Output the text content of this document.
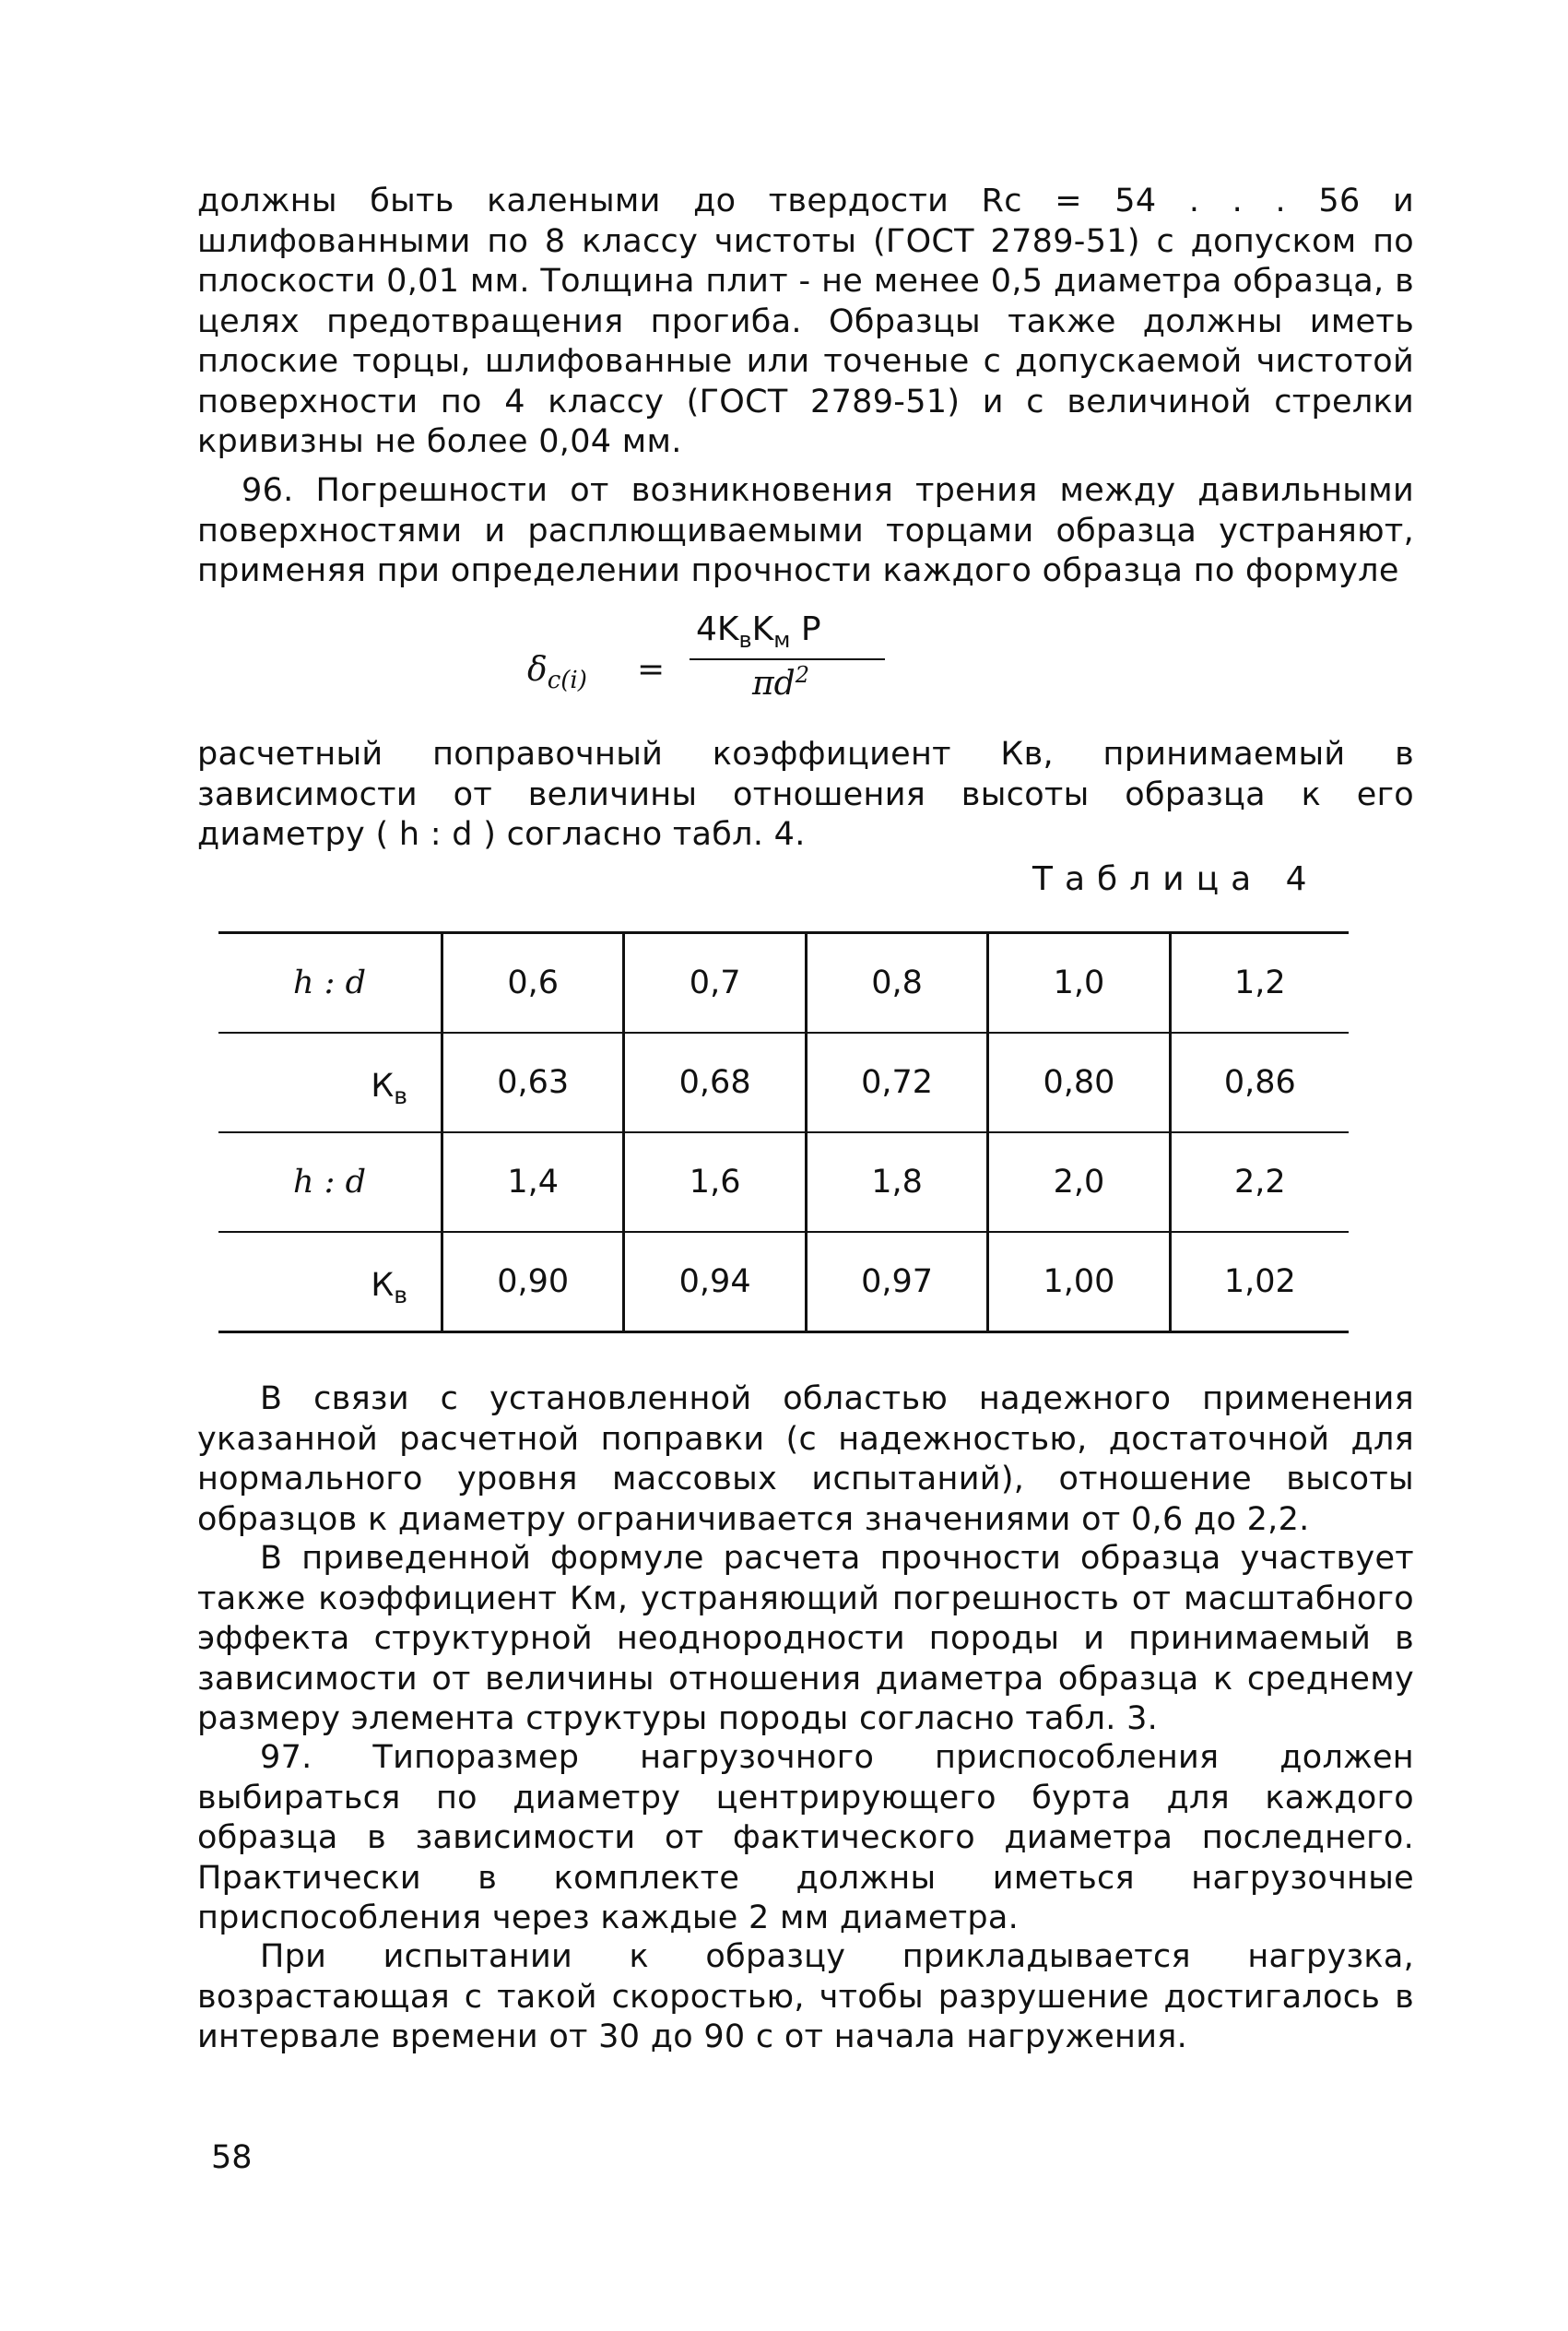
должны быть калеными до твердости Rc = 54 . . . 56 и шлифованными по 8 классу чистоты (ГОСТ 2789-51) с допуском по плоскости 0,01 мм. Толщина плит - не менее 0,5 диаметра образца, в целях предотвращения прогиба. Образцы также должны иметь плоские торцы, шлифованные или точеные с допускаемой чистотой поверхности по 4 классу (ГОСТ 2789-51) и с величиной стрелки кривизны не более 0,04 мм.

96. Погрешности от возникновения трения между давильными поверхностями и расплющиваемыми торцами образца устраняют, применяя при определении прочности каждого образца по формуле

$\delta_{c(i)}$ =
$4K_вK_м$ P
$\pi d^2$

расчетный поправочный коэффициент Кв, принимаемый в зависимости от величины отношения высоты образца к его диаметру ( h : d ) согласно табл. 4.

Таблица 4
h : d	0,6	0,7	0,8	1,0	1,2
$К_в$	0,63	0,68	0,72	0,80	0,86
h : d	1,4	1,6	1,8	2,0	2,2
$К_в$	0,90	0,94	0,97	1,00	1,02

В связи с установленной областью надежного применения указанной расчетной поправки (с надежностью, достаточной для нормального уровня массовых испытаний), отношение высоты образцов к диаметру ограничивается значениями от 0,6 до 2,2.

В приведенной формуле расчета прочности образца участвует также коэффициент Км, устраняющий погрешность от масштабного эффекта структурной неоднородности породы и принимаемый в зависимости от величины отношения диаметра образца к среднему размеру элемента структуры породы согласно табл. 3.

97. Типоразмер нагрузочного приспособления должен выбираться по диаметру центрирующего бурта для каждого образца в зависимости от фактического диаметра последнего. Практически в комплекте должны иметься нагрузочные приспособления через каждые 2 мм диаметра.

При испытании к образцу прикладывается нагрузка, возрастающая с такой скоростью, чтобы разрушение достигалось в интервале времени от 30 до 90 с от начала нагружения.

58
